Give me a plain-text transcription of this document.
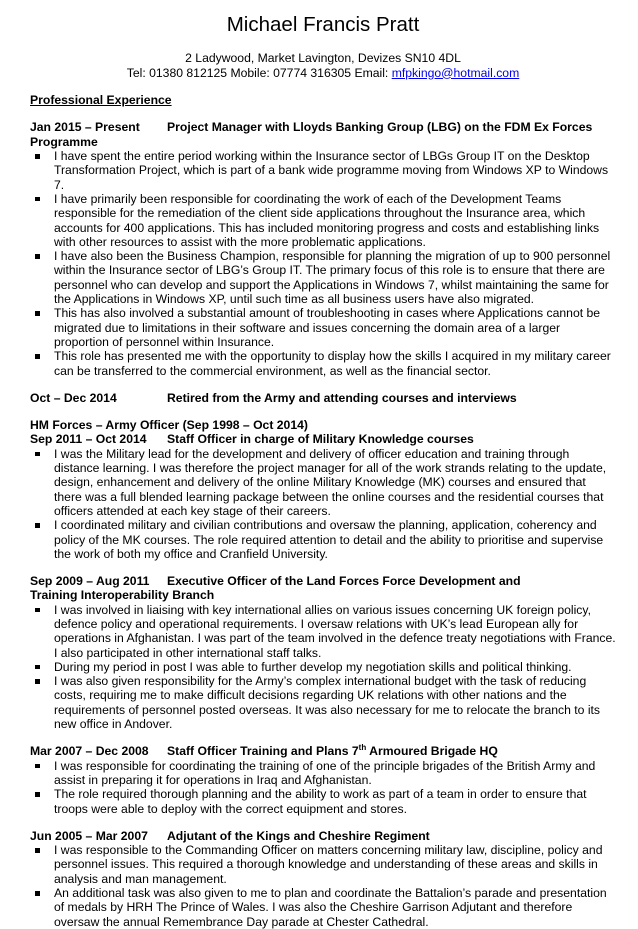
Michael Francis Pratt
2 Ladywood, Market Lavington, Devizes SN10 4DL
Tel: 01380 812125 Mobile: 07774 316305 Email: mfpkingo@hotmail.com
Professional Experience
Jan 2015 – Present Project Manager with Lloyds Banking Group (LBG) on the FDM Ex Forces
Programme
I have spent the entire period working within the Insurance sector of LBGs Group IT on the Desktop Transformation Project, which is part of a bank wide programme moving from Windows XP to Windows 7.
I have primarily been responsible for coordinating the work of each of the Development Teams responsible for the remediation of the client side applications throughout the Insurance area, which accounts for 400 applications. This has included monitoring progress and costs and establishing links with other resources to assist with the more problematic applications.
I have also been the Business Champion, responsible for planning the migration of up to 900 personnel within the Insurance sector of LBG’s Group IT. The primary focus of this role is to ensure that there are personnel who can develop and support the Applications in Windows 7, whilst maintaining the same for the Applications in Windows XP, until such time as all business users have also migrated.
This has also involved a substantial amount of troubleshooting in cases where Applications cannot be migrated due to limitations in their software and issues concerning the domain area of a larger proportion of personnel within Insurance.
This role has presented me with the opportunity to display how the skills I acquired in my military career can be transferred to the commercial environment, as well as the financial sector.
Oct – Dec 2014	Retired from the Army and attending courses and interviews
HM Forces – Army Officer (Sep 1998 – Oct 2014)
Sep 2011 – Oct 2014 Staff Officer in charge of Military Knowledge courses
I was the Military lead for the development and delivery of officer education and training through distance learning. I was therefore the project manager for all of the work strands relating to the update, design, enhancement and delivery of the online Military Knowledge (MK) courses and ensured that there was a full blended learning package between the online courses and the residential courses that officers attended at each key stage of their careers.
I coordinated military and civilian contributions and oversaw the planning, application, coherency and policy of the MK courses. The role required attention to detail and the ability to prioritise and supervise the work of both my office and Cranfield University.
Sep 2009 – Aug 2011 Executive Officer of the Land Forces Force Development and
Training Interoperability Branch
I was involved in liaising with key international allies on various issues concerning UK foreign policy, defence policy and operational requirements. I oversaw relations with UK’s lead European ally for operations in Afghanistan. I was part of the team involved in the defence treaty negotiations with France. I also participated in other international staff talks.
During my period in post I was able to further develop my negotiation skills and political thinking.
I was also given responsibility for the Army’s complex international budget with the task of reducing costs, requiring me to make difficult decisions regarding UK relations with other nations and the requirements of personnel posted overseas. It was also necessary for me to relocate the branch to its new office in Andover.
Mar 2007 – Dec 2008 Staff Officer Training and Plans 7th Armoured Brigade HQ
I was responsible for coordinating the training of one of the principle brigades of the British Army and assist in preparing it for operations in Iraq and Afghanistan.
The role required thorough planning and the ability to work as part of a team in order to ensure that troops were able to deploy with the correct equipment and stores.
Jun 2005 – Mar 2007 Adjutant of the Kings and Cheshire Regiment
I was responsible to the Commanding Officer on matters concerning military law, discipline, policy and personnel issues. This required a thorough knowledge and understanding of these areas and skills in analysis and man management.
An additional task was also given to me to plan and coordinate the Battalion’s parade and presentation of medals by HRH The Prince of Wales. I was also the Cheshire Garrison Adjutant and therefore oversaw the annual Remembrance Day parade at Chester Cathedral.
